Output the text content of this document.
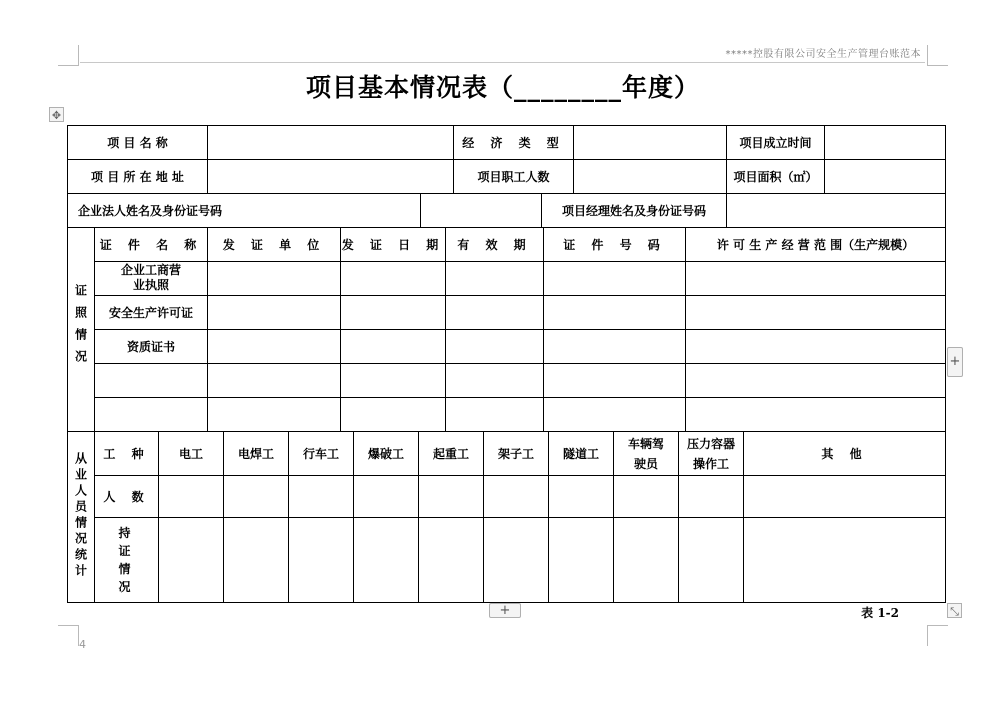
*****控股有限公司安全生产管理台账范本
项目基本情况表（________年度）
✥
项 目 名 称			经 济 类 型			项目成立时间	
项 目 所 在 地 址			项目职工人数			项目面积（㎡）	
企业法人姓名及身份证号码				项目经理姓名及身份证号码			
证照情况	证 件 名 称	发 证 单 位	发 证 日 期	有 效 期	证 件 号 码	许 可 生 产 经 营 范 围（生产规模）
	企业工商营业执照					
	安全生产许可证					
	资质证书					

从业人员情况统计	工 种	电工	电焊工	行车工	爆破工	起重工	架子工	隧道工	车辆驾驶员	压力容器操作工	其 他
	人 数										
	持 证 情 况										
+
+	⤡
表 1-2
4
